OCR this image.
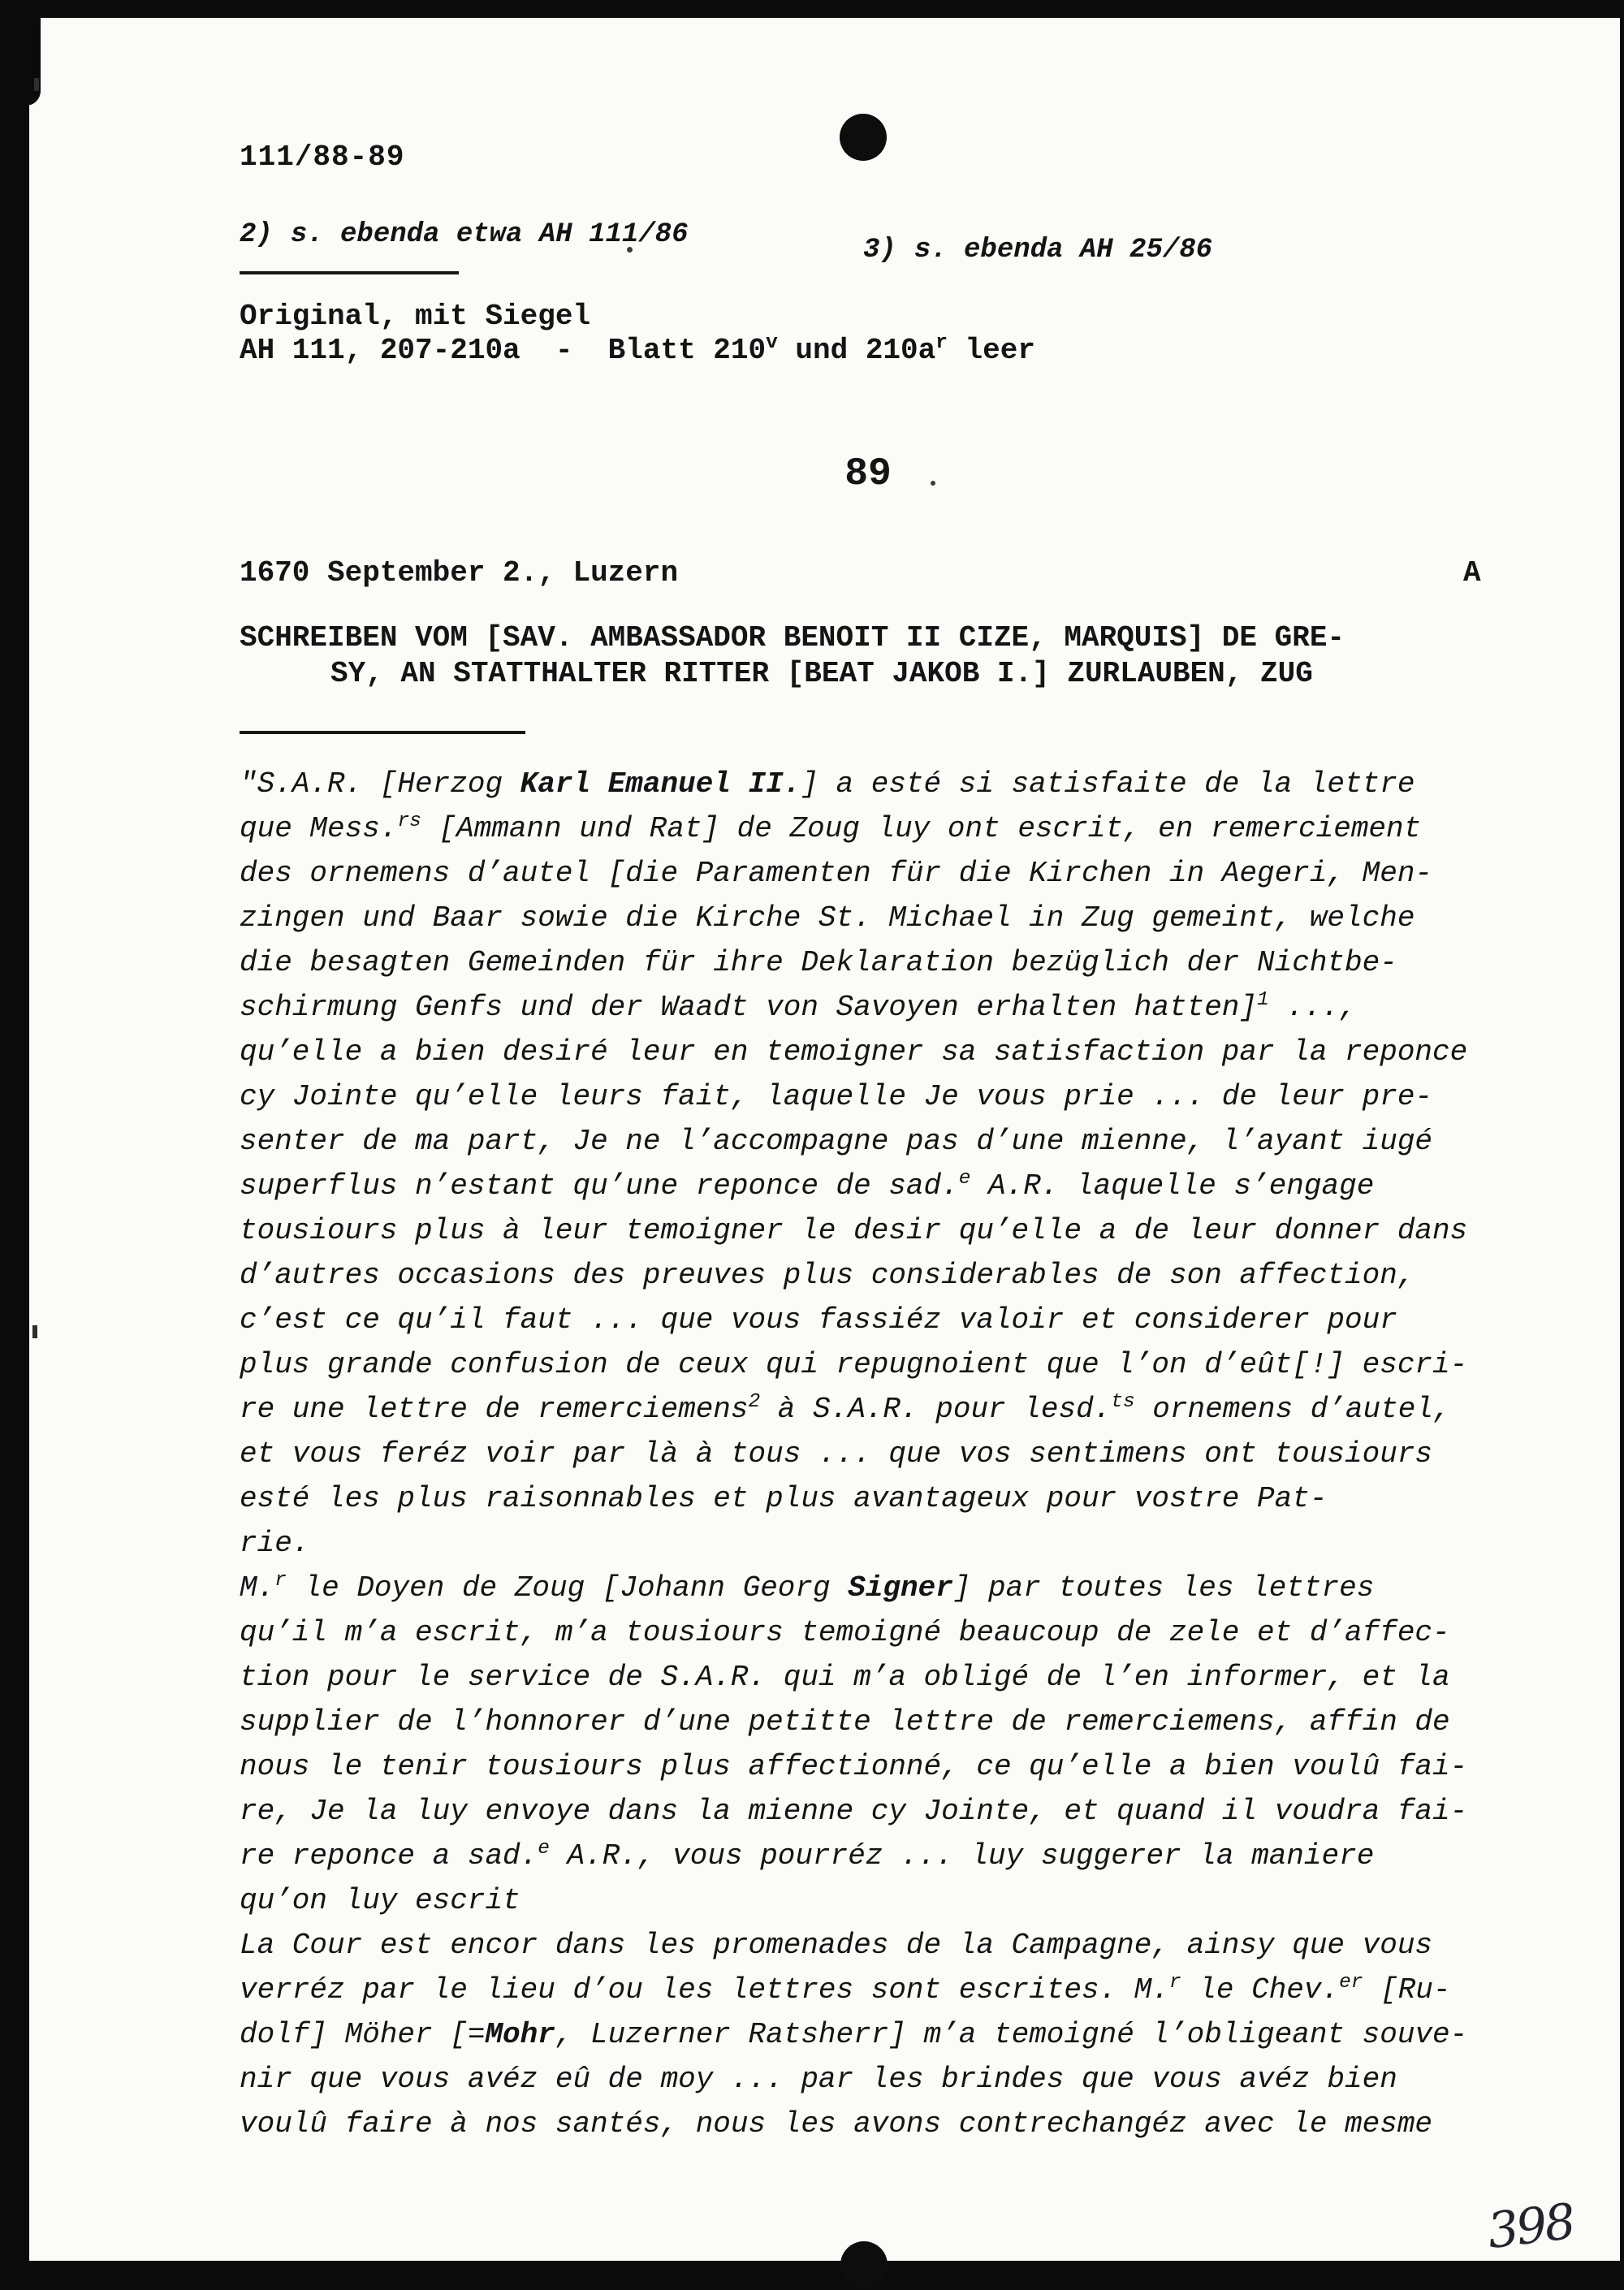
111/88-89

2) s. ebenda etwa AH 111/86

3) s. ebenda AH 25/86

Original, mit Siegel
AH 111, 207-210a  -  Blatt 210$^v$ und $210a^r$ leer
89
1670 September 2., Luzern	A
SCHREIBEN VOM [SAV. AMBASSADOR BENOIT II CIZE, MARQUIS] DE GRE-
SY, AN STATTHALTER RITTER [BEAT JAKOB I.] ZURLAUBEN, ZUG
"S.A.R. [Herzog Karl Emanuel II.] a esté si satisfaite de la lettre
que Mess.$^{rs}$ [Ammann und Rat] de Zoug luy ont escrit, en remerciement
des ornemens d’autel [die Paramenten für die Kirchen in Aegeri, Men-
zingen und Baar sowie die Kirche St. Michael in Zug gemeint, welche
die besagten Gemeinden für ihre Deklaration bezüglich der Nichtbe-
schirmung Genfs und der Waadt von Savoyen erhalten hatten]$^1$ ...,
qu’elle a bien desiré leur en temoigner sa satisfaction par la reponce
cy Jointe qu’elle leurs fait, laquelle Je vous prie ... de leur pre-
senter de ma part, Je ne l’accompagne pas d’une mienne, l’ayant iugé
superflus n’estant qu’une reponce de sad.$^e$ A.R. laquelle s’engage
tousiours plus à leur temoigner le desir qu’elle a de leur donner dans
d’autres occasions des preuves plus considerables de son affection,
c’est ce qu’il faut ... que vous fassiéz valoir et considerer pour
plus grande confusion de ceux qui repugnoient que l’on d’eût[!] escri-
re une lettre de remerciemens$^2$ à S.A.R. pour lesd.$^{ts}$ ornemens d’autel,
et vous feréz voir par là à tous ... que vos sentimens ont tousiours
esté les plus raisonnables et plus avantageux pour vostre Pat-
rie.
M.$^r$ le Doyen de Zoug [Johann Georg Signer] par toutes les lettres
qu’il m’a escrit, m’a tousiours temoigné beaucoup de zele et d’affec-
tion pour le service de S.A.R. qui m’a obligé de l’en informer, et la
supplier de l’honnorer d’une petitte lettre de remerciemens, affin de
nous le tenir tousiours plus affectionné, ce qu’elle a bien voulû fai-
re, Je la luy envoye dans la mienne cy Jointe, et quand il voudra fai-
re reponce a sad.$^e$ A.R., vous pourréz ... luy suggerer la maniere
qu’on luy escrit
La Cour est encor dans les promenades de la Campagne, ainsy que vous
verréz par le lieu d’ou les lettres sont escrites. M.$^r$ le Chev.$^{er}$ [Ru-
dolf] Möher [=Mohr, Luzerner Ratsherr] m’a temoigné l’obligeant souve-
nir que vous avéz eû de moy ... par les brindes que vous avéz bien
voulû faire à nos santés, nous les avons contrechangéz avec le mesme
398
